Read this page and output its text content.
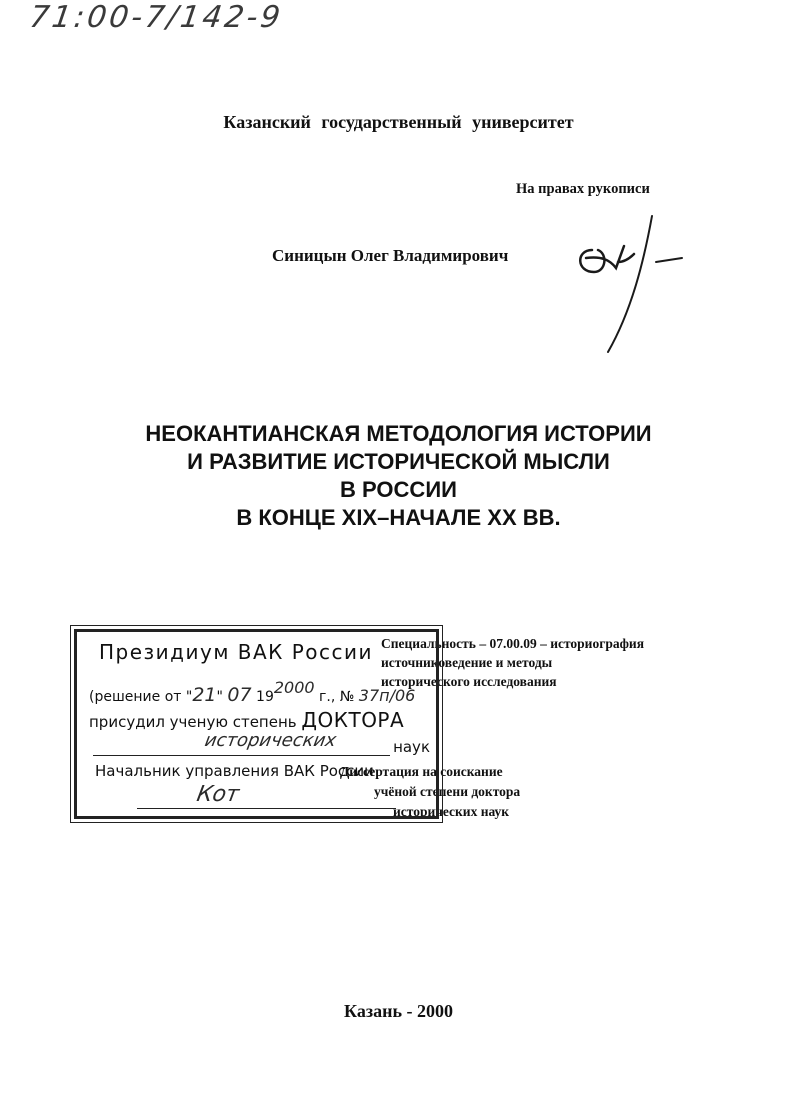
71:00-7/142-9
Казанский государственный университет
На правах рукописи
Синицын Олег Владимирович
НЕОКАНТИАНСКАЯ МЕТОДОЛОГИЯ ИСТОРИИ
И РАЗВИТИЕ ИСТОРИЧЕСКОЙ МЫСЛИ
В РОССИИ
В КОНЦЕ XIX–НАЧАЛЕ XX ВВ.
Специальность – 07.00.09 – историография
источниковедение и методы
исторического исследования
Диссертация на соискание
учёной степени доктора
исторических наук
Президиум ВАК России
(решение от "21" 07 192000 г., № 37п/06
присудил ученую степень ДОКТОРА
исторических	наук
Начальник управления ВАК России
Кот
Казань - 2000
